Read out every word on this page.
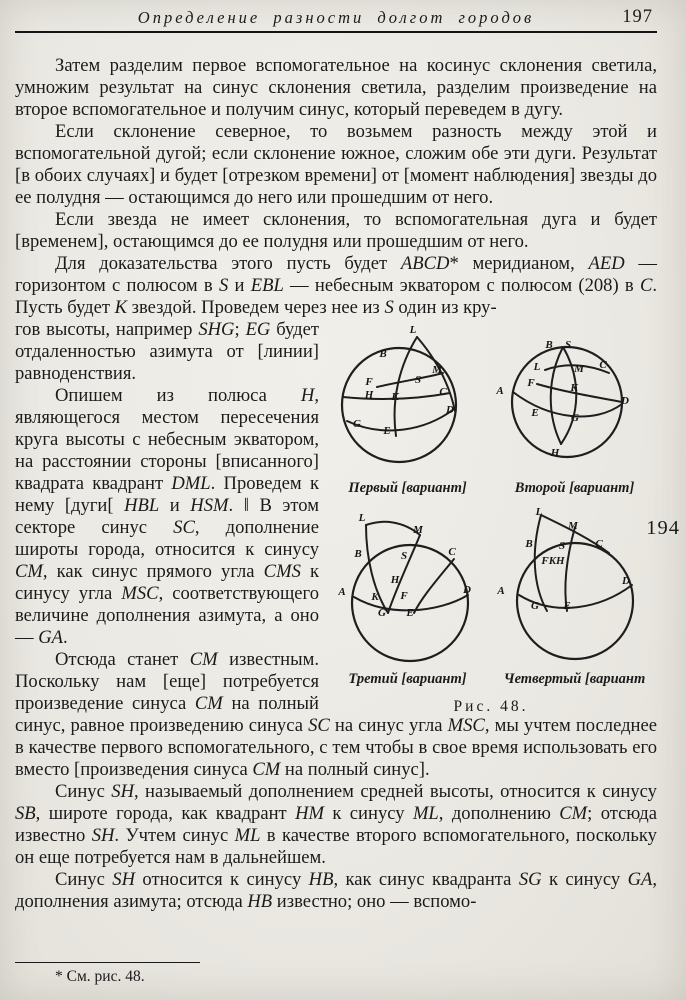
Определение разности долгот городов	197

Затем разделим первое вспомогательное на косинус склонения светила, умножим результат на синус склонения светила, разделим произведение на второе вспомогательное и получим синус, который переведем в дугу.

Если склонение северное, то возьмем разность между этой и вспомогательной дугой; если склонение южное, сложим обе эти дуги. Результат [в обоих случаях] и будет [отрезком времени] от [момент наблюдения] звезды до ее полудня — остающимся до него или прошедшим от него.

Если звезда не имеет склонения, то вспомогательная дуга и будет [временем], остающимся до ее полудня или прошедшим от него.

Для доказательства этого пусть будет ABCD* меридианом, AED — горизонтом с полюсом в S и EBL — небесным экватором с полюсом (208) в C. Пусть будет K звездой. Проведем через нее из S один из кру-

L
B
M
F	S
H K	C
D
G
E
Первый [вариант]
B S
L	M C
A
F	K
D
E	G
H
Второй [вариант]
L
M
B	S	C
H
K F
A	D
G E
Третий [вариант]
L
M
B S
FKH
C
A
D
G E
Четвертый [вариант
Рис. 48.

гов высоты, например SHG; EG будет отдаленностью азимута от [линии] равноденствия.

Опишем из полюса H, являющегося местом пересечения круга высоты с небесным экватором, на расстоянии стороны [вписанного] квадрата квадрант DML. Проведем к нему [дуги[ HBL и HSM. ‖ В этом секторе синус SC, дополнение широты города, относится к синусу CM, как синус прямого угла CMS к синусу угла MSC, соответствующего величине дополнения азимута, а оно — GA.

Отсюда станет CM известным. Поскольку нам [еще] потребуется произведение синуса CM на полный синус, равное произведению синуса SC на синус угла MSC, мы учтем последнее в качестве первого вспомогательного, с тем чтобы в свое время использовать его вместо [произведения синуса CM на полный синус].

Синус SH, называемый дополнением средней высоты, относится к синусу SB, широте города, как квадрант HM к синусу ML, дополнению CM; отсюда известно SH. Учтем синус ML в качестве второго вспомогательного, поскольку он еще потребуется нам в дальнейшем.

Синус SH относится к синусу HB, как синус квадранта SG к синусу GA, дополнения азимута; отсюда HB известно; оно — вспомо-

194
* См. рис. 48.
